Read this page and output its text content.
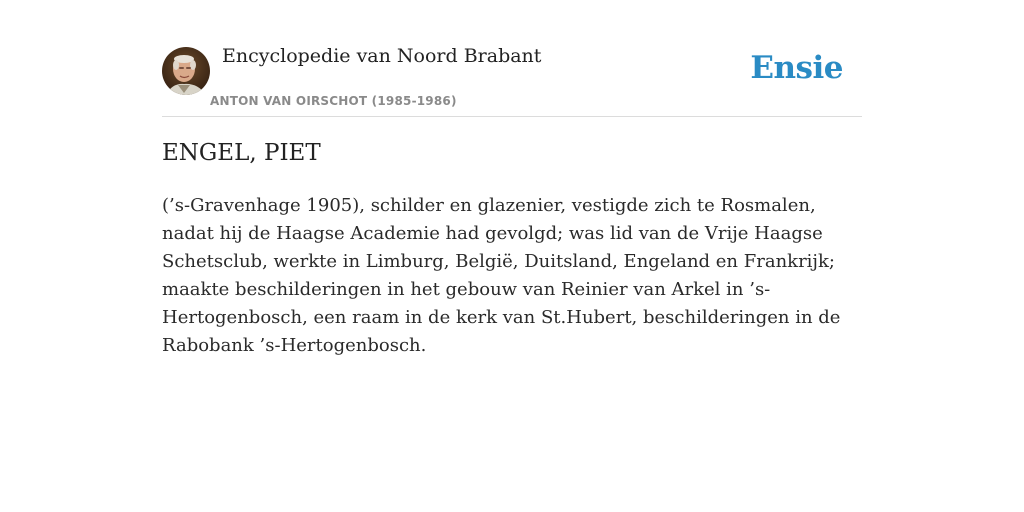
Encyclopedie van Noord Brabant
ANTON VAN OIRSCHOT (1985-1986)
Ensie
ENGEL, PIET

(’s-Gravenhage 1905), schilder en glazenier, vestigde zich te Rosmalen, nadat hij de Haagse Academie had gevolgd; was lid van de Vrije Haagse Schetsclub, werkte in Limburg, België, Duitsland, Engeland en Frankrijk; maakte beschilderingen in het gebouw van Reinier van Arkel in ’s-Hertogenbosch, een raam in de kerk van St.Hubert, beschilderingen in de Rabobank ’s-Hertogenbosch.
